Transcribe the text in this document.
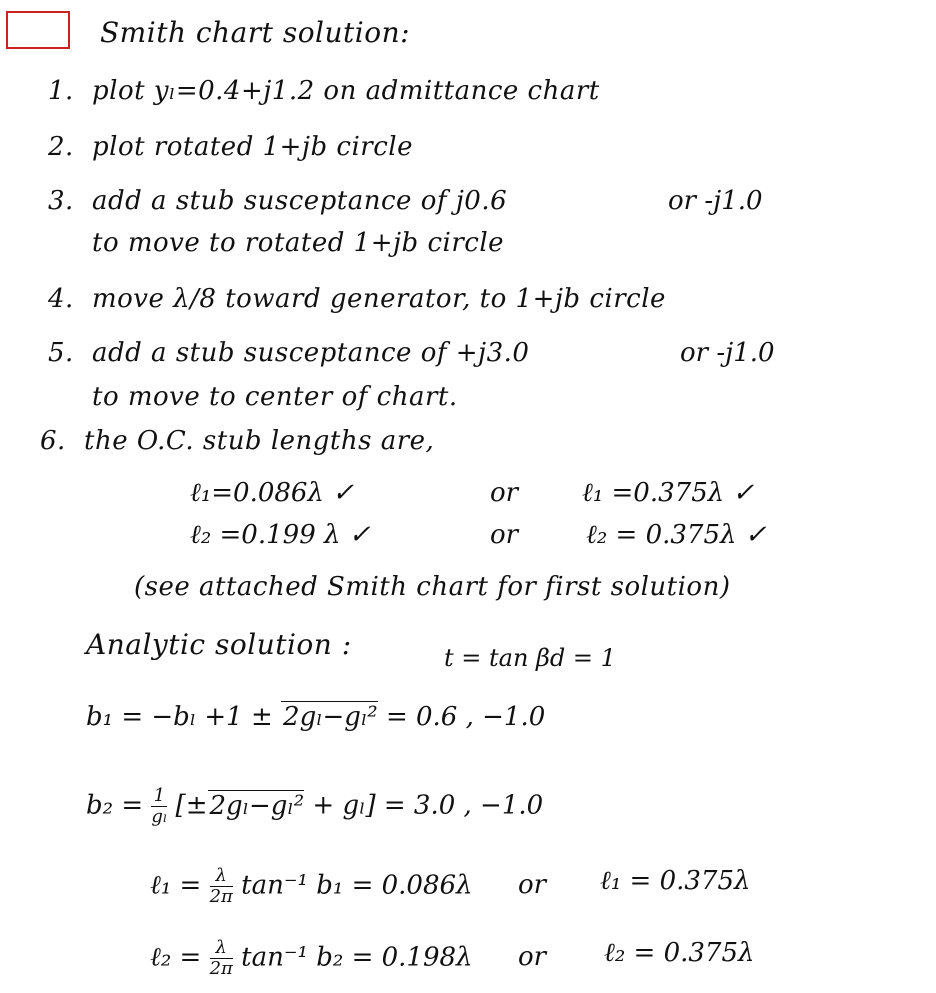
Smith chart solution:
1. plot yₗ=0.4+j1.2 on admittance chart
2. plot rotated 1+jb circle
3. add a stub susceptance of j0.6	or -j1.0
to move to rotated 1+jb circle
4. move λ/8 toward generator, to 1+jb circle
5. add a stub susceptance of +j3.0	or -j1.0
to move to center of chart.
6. the O.C. stub lengths are,
ℓ₁=0.086λ ✓	or ℓ₁ =0.375λ ✓
ℓ₂ =0.199 λ ✓	or	ℓ₂ = 0.375λ ✓
(see attached Smith chart for first solution)
Analytic solution :	t = tan βd = 1
b₁ = −bₗ +1 ± 2gₗ−gₗ² = 0.6 , −1.0
$b_2 = \frac{1}{\text{gₗ}} [\pm 2g_l-g_l^2 + g_l] = 3.0$ , −1.0
ℓ₁ = $\frac{\lambda}{2\pi} \tan^{-1}$ b₁ = 0.086λ or ℓ₁ = 0.375λ
ℓ₂ = $\frac{\lambda}{2\pi} \tan^{-1}$ b₂ = 0.198λ or ℓ₂ = 0.375λ
